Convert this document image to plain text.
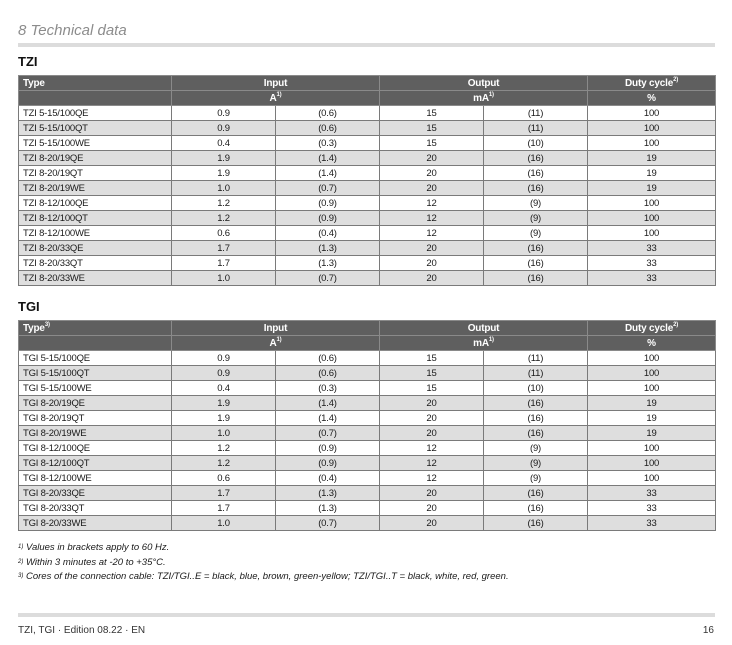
8 Technical data
TZI
Type	Input		Output		Duty cycle$^{2)}$
	$A^{1)}$		$mA^{1)}$		%
TZI 5-15/100QE	0.9	(0.6)	15	(11)	100
TZI 5-15/100QT	0.9	(0.6)	15	(11)	100
TZI 5-15/100WE	0.4	(0.3)	15	(10)	100
TZI 8-20/19QE	1.9	(1.4)	20	(16)	19
TZI 8-20/19QT	1.9	(1.4)	20	(16)	19
TZI 8-20/19WE	1.0	(0.7)	20	(16)	19
TZI 8-12/100QE	1.2	(0.9)	12	(9)	100
TZI 8-12/100QT	1.2	(0.9)	12	(9)	100
TZI 8-12/100WE	0.6	(0.4)	12	(9)	100
TZI 8-20/33QE	1.7	(1.3)	20	(16)	33
TZI 8-20/33QT	1.7	(1.3)	20	(16)	33
TZI 8-20/33WE	1.0	(0.7)	20	(16)	33
TGI
Type$^{3)}$	Input		Output		Duty cycle$^{2)}$
	$A^{1)}$		$mA^{1)}$		%
TGI 5-15/100QE	0.9	(0.6)	15	(11)	100
TGI 5-15/100QT	0.9	(0.6)	15	(11)	100
TGI 5-15/100WE	0.4	(0.3)	15	(10)	100
TGI 8-20/19QE	1.9	(1.4)	20	(16)	19
TGI 8-20/19QT	1.9	(1.4)	20	(16)	19
TGI 8-20/19WE	1.0	(0.7)	20	(16)	19
TGI 8-12/100QE	1.2	(0.9)	12	(9)	100
TGI 8-12/100QT	1.2	(0.9)	12	(9)	100
TGI 8-12/100WE	0.6	(0.4)	12	(9)	100
TGI 8-20/33QE	1.7	(1.3)	20	(16)	33
TGI 8-20/33QT	1.7	(1.3)	20	(16)	33
TGI 8-20/33WE	1.0	(0.7)	20	(16)	33
$^{1)}$ Values in brackets apply to 60 Hz.
$^{2)}$ Within 3 minutes at -20 to +35°C.
$^{3)}$ Cores of the connection cable: TZI/TGI..E = black, blue, brown, green-yellow; TZI/TGI..T = black, white, red, green.
TZI, TGI · Edition 08.22 · EN	16
